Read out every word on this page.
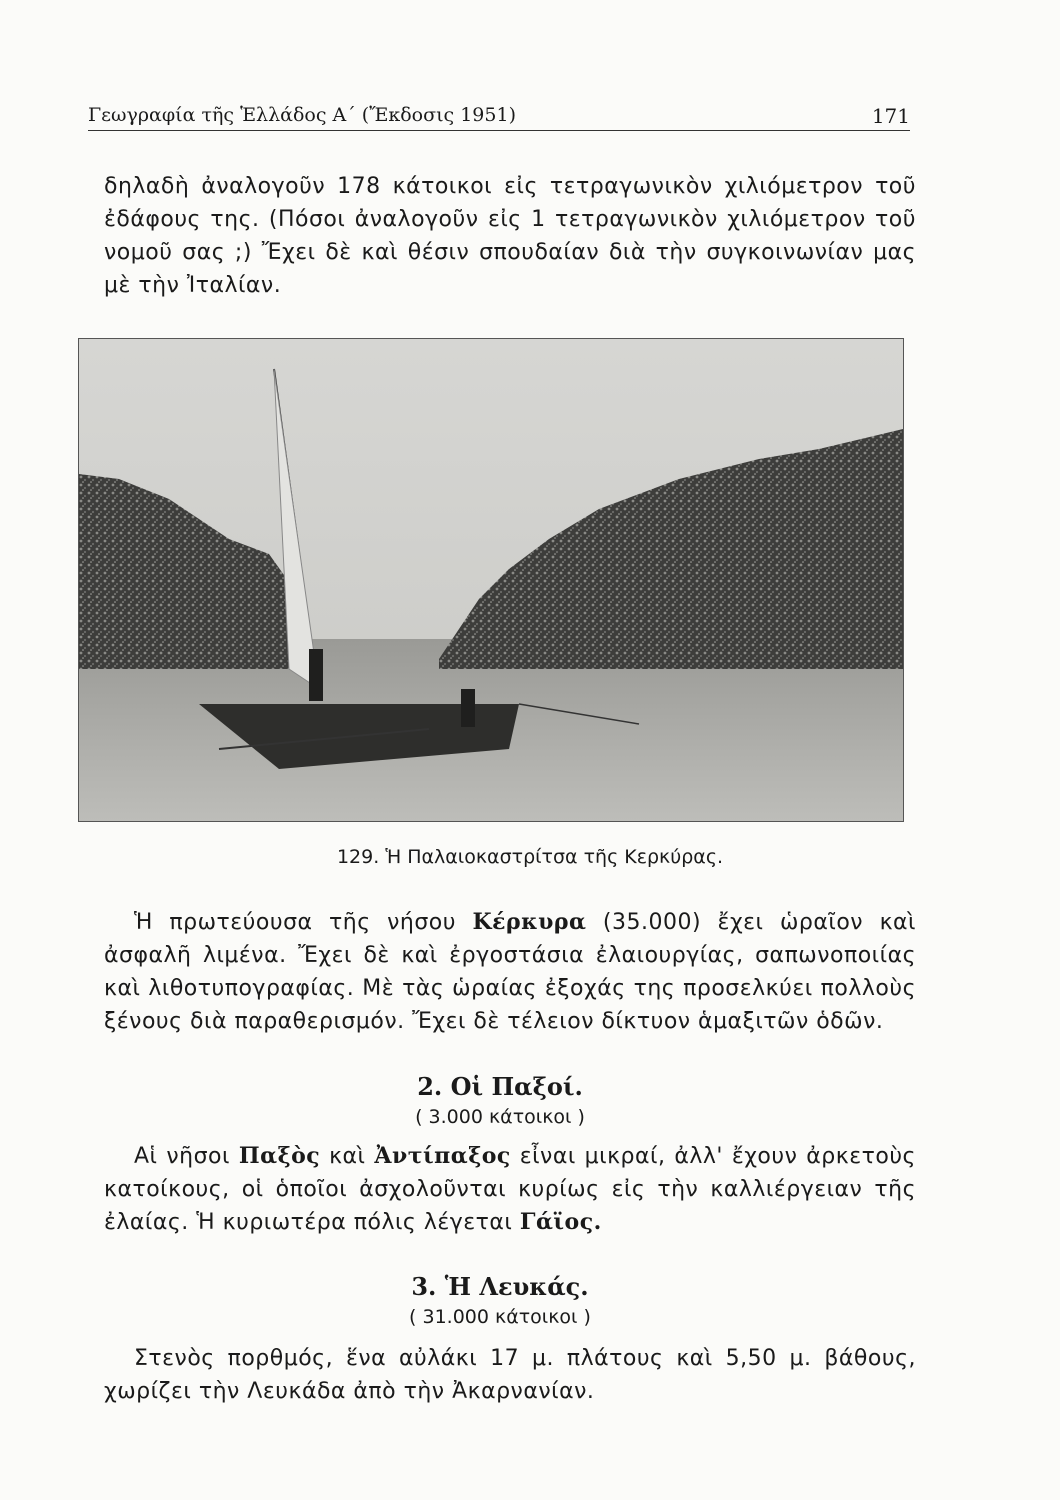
Γεωγραφία τῆς Ἑλλάδος Α΄ (Ἔκδοσις 1951)	171

δηλαδὴ ἀναλογοῦν 178 κάτοικοι εἰς τετραγωνικὸν χιλιόμετρον τοῦ ἐδάφους της. (Πόσοι ἀναλογοῦν εἰς 1 τετραγωνικὸν χιλιόμετρον τοῦ νομοῦ σας ;) Ἔχει δὲ καὶ θέσιν σπουδαίαν διὰ τὴν συγκοινωνίαν μας μὲ τὴν Ἰταλίαν.

129. Ἡ Παλαιοκαστρίτσα τῆς Κερκύρας.

Ἡ πρωτεύουσα τῆς νήσου Κέρκυρα (35.000) ἔχει ὡραῖον καὶ ἀσφαλῆ λιμένα. Ἔχει δὲ καὶ ἐργοστάσια ἐλαιουργίας, σαπωνοποιίας καὶ λιθοτυπογραφίας. Μὲ τὰς ὡραίας ἐξοχάς της προσελκύει πολλοὺς ξένους διὰ παραθερισμόν. Ἔχει δὲ τέλειον δίκτυον ἁμαξιτῶν ὁδῶν.

2. Οἱ Παξοί.
( 3.000 κάτοικοι )

Αἱ νῆσοι Παξὸς καὶ Ἀντίπαξος εἶναι μικραί, ἀλλ' ἔχουν ἀρκετοὺς κατοίκους, οἱ ὁποῖοι ἀσχολοῦνται κυρίως εἰς τὴν καλλιέργειαν τῆς ἐλαίας. Ἡ κυριωτέρα πόλις λέγεται Γάϊος.

3. Ἡ Λευκάς.
( 31.000 κάτοικοι )

Στενὸς πορθμός, ἕνα αὐλάκι 17 μ. πλάτους καὶ 5,50 μ. βάθους, χωρίζει τὴν Λευκάδα ἀπὸ τὴν Ἀκαρνανίαν.
